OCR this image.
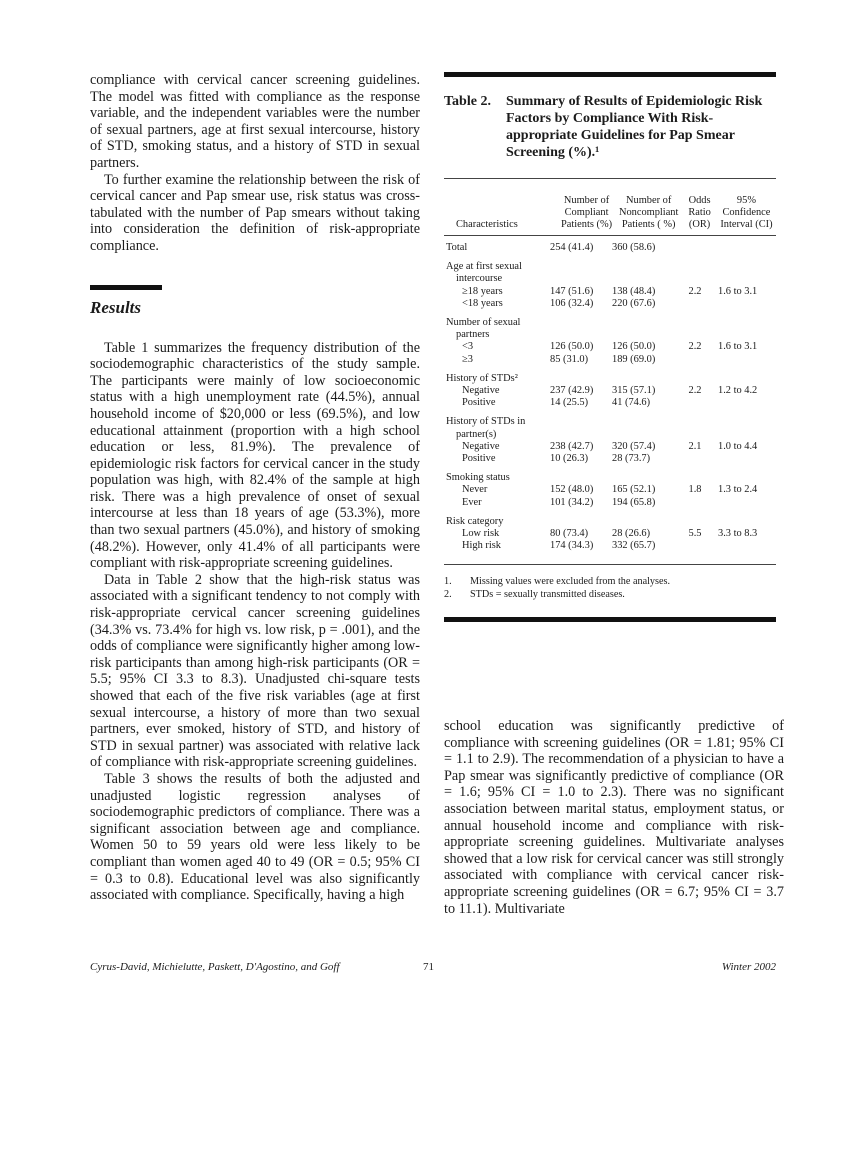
compliance with cervical cancer screening guidelines. The model was fitted with compliance as the response variable, and the independent variables were the number of sexual partners, age at first sexual intercourse, history of STD, smoking status, and a history of STD in sexual partners.

To further examine the relationship between the risk of cervical cancer and Pap smear use, risk status was cross-tabulated with the number of Pap smears without taking into consideration the definition of risk-appropriate compliance.

Results

Table 1 summarizes the frequency distribution of the sociodemographic characteristics of the study sample. The participants were mainly of low socioeconomic status with a high unemployment rate (44.5%), annual household income of $20,000 or less (69.5%), and low educational attainment (proportion with a high school education or less, 81.9%). The prevalence of epidemiologic risk factors for cervical cancer in the study population was high, with 82.4% of the sample at high risk. There was a high prevalence of onset of sexual intercourse at less than 18 years of age (53.3%), more than two sexual partners (45.0%), and history of smoking (48.2%). However, only 41.4% of all participants were compliant with risk-appropriate screening guidelines.

Data in Table 2 show that the high-risk status was associated with a significant tendency to not comply with risk-appropriate cervical cancer screening guidelines (34.3% vs. 73.4% for high vs. low risk, p = .001), and the odds of compliance were significantly higher among low-risk participants than among high-risk participants (OR = 5.5; 95% CI 3.3 to 8.3). Unadjusted chi-square tests showed that each of the five risk variables (age at first sexual intercourse, a history of more than two sexual partners, ever smoked, history of STD, and history of STD in sexual partner) was associated with relative lack of compliance with risk-appropriate screening guidelines.

Table 3 shows the results of both the adjusted and unadjusted logistic regression analyses of sociodemographic predictors of compliance. There was a significant association between age and compliance. Women 50 to 59 years old were less likely to be compliant than women aged 40 to 49 (OR = 0.5; 95% CI = 0.3 to 0.8). Educational level was also significantly associated with compliance. Specifically, having a high

Table 2.	Summary of Results of Epidemiologic Risk Factors by Compliance With Risk-appropriate Guidelines for Pap Smear Screening (%).¹
Characteristics	Number of Compliant Patients (%)	Number of Noncompliant Patients ( %)	Odds Ratio (OR)	95% Confidence Interval (CI)
Total	254 (41.4)	360 (58.6)
Age at first sexual intercourse
≥18 years	147 (51.6)	138 (48.4)	2.2	1.6 to 3.1
<18 years	106 (32.4)	220 (67.6)
Number of sexual partners
<3	126 (50.0)	126 (50.0)	2.2	1.6 to 3.1
≥3	85 (31.0)	189 (69.0)
History of STDs²
Negative	237 (42.9)	315 (57.1)	2.2	1.2 to 4.2
Positive	14 (25.5)	41 (74.6)
History of STDs in partner(s)
Negative	238 (42.7)	320 (57.4)	2.1	1.0 to 4.4
Positive	10 (26.3)	28 (73.7)
Smoking status
Never	152 (48.0)	165 (52.1)	1.8	1.3 to 2.4
Ever	101 (34.2)	194 (65.8)
Risk category
Low risk	80 (73.4)	28 (26.6)	5.5	3.3 to 8.3
High risk	174 (34.3)	332 (65.7)
1.	Missing values were excluded from the analyses.
2.	STDs = sexually transmitted diseases.

school education was significantly predictive of compliance with screening guidelines (OR = 1.81; 95% CI = 1.1 to 2.9). The recommendation of a physician to have a Pap smear was significantly predictive of compliance (OR = 1.6; 95% CI = 1.0 to 2.3). There was no significant association between marital status, employment status, or annual household income and compliance with risk-appropriate screening guidelines. Multivariate analyses showed that a low risk for cervical cancer was still strongly associated with compliance with cervical cancer risk-appropriate screening guidelines (OR = 6.7; 95% CI = 3.7 to 11.1). Multivariate

Cyrus-David, Michielutte, Paskett, D'Agostino, and Goff	71	Winter 2002
